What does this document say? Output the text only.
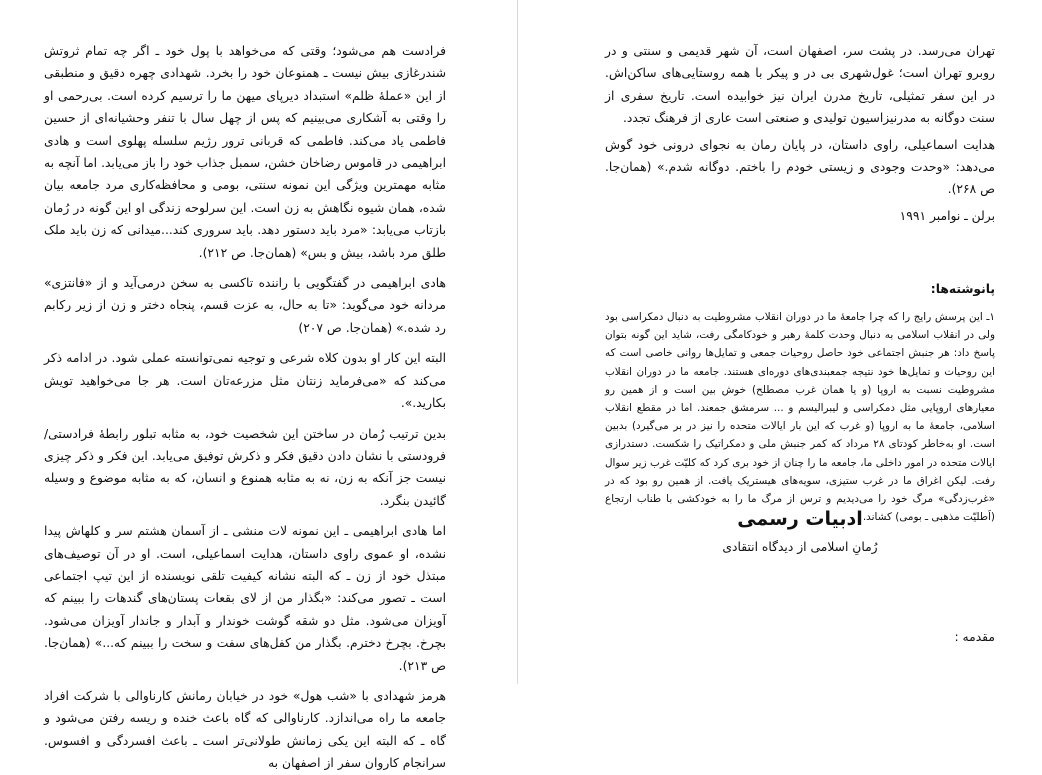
فرادست هم می‌شود؛ وقتی که می‌خواهد با پول خود ـ اگر چه تمام ثروتش شندرغازی بیش نیست ـ همنوعان خود را بخرد. شهدادی چهره دقیق و منطبقی از این «عملهٔ ظلم» استبداد دیرپای میهن ما را ترسیم کرده است. بی‌رحمی او را وقتی به آشکاری می‌بینیم که پس از چهل سال با تنفر وحشیانه‌ای از حسین فاطمی یاد می‌کند. فاطمی که قربانی ترور رژیم سلسله پهلوی است و هادی ابراهیمی در قاموس رضاخان خشن، سمبل جذاب خود را باز می‌یابد. اما آنچه به مثابه مهمترین ویژگی این نمونه سنتی، بومی و محافظه‌کاری مرد جامعه بیان شده، همان شیوه نگاهش به زن است. این سرلوحه زندگی او این گونه در رُمان بازتاب می‌یابد: «مرد باید دستور دهد. باید سروری کند...میدانی که زن باید ملک طلق مرد باشد، بیش و بس» (همان‌جا. ص ۲۱۲).

هادی ابراهیمی در گفتگویی با راننده تاکسی به سخن درمی‌آید و از «فانتزی» مردانه خود می‌گوید: «تا به حال، به عزت قسم، پنجاه دختر و زن از زیر رکابم رد شده.» (همان‌جا. ص ۲۰۷)

البته این کار او بدون کلاه شرعی و توجیه نمی‌توانسته عملی شود. در ادامه ذکر می‌کند که «می‌فرماید زنتان مثل مزرعه‌تان است. هر جا می‌خواهید تویش بکارید.».

بدین ترتیب رُمان در ساختن این شخصیت خود، به مثابه تبلور رابطهٔ فرادستی/ فرودستی با نشان دادن دقیق فکر و ذکرش توفیق می‌یابد. این فکر و ذکر چیزی نیست جز آنکه به زن، نه به مثابه همنوع و انسان، که به مثابه موضوع و وسیله گائیدن بنگرد.

اما هادی ابراهیمی ـ این نمونه لات منشی ـ از آسمان هشتم سر و کلهاش پیدا نشده، او عموی راوی داستان، هدایت اسماعیلی، است. او در آن توصیف‌های مبتذل خود از زن ـ که البته نشانه کیفیت تلقی نویسنده از این تیپ اجتماعی است ـ تصور می‌کند: «بگذار من از لای بقعات پستان‌های گندهات را ببینم که آویزان می‌شود. مثل دو شقه گوشت خوندار و آبدار و جاندار آویزان می‌شود. بچرخ. بچرخ دخترم. بگذار من کفل‌های سفت و سخت را ببینم که...» (همان‌جا. ص ۲۱۳).

هرمز شهدادی با «شب هول» خود در خیابان رمانش کارناوالی با شرکت افراد جامعه ما راه می‌اندازد. کارناوالی که گاه باعث خنده و ریسه رفتن می‌شود و گاه ـ که البته این یکی زمانش طولانی‌تر است ـ باعث افسردگی و افسوس. سرانجام کاروان سفر از اصفهان به

تهران می‌رسد. در پشت سر، اصفهان است، آن شهر قدیمی و سنتی و در روبرو تهران است؛ غول‌شهری بی در و پیکر با همه روستایی‌های ساکن‌اش. در این سفر تمثیلی، تاریخ مدرن ایران نیز خوابیده است. تاریخ سفری از سنت دوگانه به مدرنیزاسیون تولیدی و صنعتی است عاری از فرهنگ تجدد.

هدایت اسماعیلی، راوی داستان، در پایان رمان به نجوای درونی خود گوش می‌دهد: «وحدت وجودی و زیستی خودم را باختم. دوگانه شدم.» (همان‌جا. ص ۲۶۸).

برلن ـ نوامبر ۱۹۹۱

پانوشته‌ها:
۱ـ این پرسش رایج را که چرا جامعهٔ ما در دوران انقلاب مشروطیت به دنبال دمکراسی بود ولی در انقلاب اسلامی به دنبال وحدت کلمهٔ رهبر و خودکامگی رفت، شاید این گونه بتوان پاسخ داد: هر جنبش اجتماعی خود حاصل روحیات جمعی و تمایل‌ها روانی خاصی است که این روحیات و تمایل‌ها خود نتیجه جمعبندی‌های دوره‌ای هستند. جامعه ما در دوران انقلاب مشروطیت نسبت به اروپا (و یا همان غرب مصطلح) خوش بین است و از همین رو معیارهای اروپایی مثل دمکراسی و لیبرالیسم و ... سرمشق جمعند. اما در مقطع انقلاب اسلامی، جامعهٔ ما به اروپا (و غرب که این بار ایالات متحده را نیز در بر می‌گیرد) بدبین است. او به‌خاطر کودتای ۲۸ مرداد که کمر جنبش ملی و دمکراتیک را شکست. دستدرازی ایالات متحده در امور داخلی ما، جامعه ما را چنان از خود بری کرد که کلیّت غرب زیر سوال رفت. لیکن اغراق ما در غرب ستیزی، سویه‌های هیستریک یافت. از همین رو بود که در «غرب‌زدگی» مرگ خود را می‌دیدیم و ترس از مرگ ما را به خودکشی با طناب ارتجاع (اَطلیّت مذهبی ـ بومی) کشاند.
ادبیات رسمی
رُمانِ اسلامی از دیدگاه انتقادی
مقدمه :
